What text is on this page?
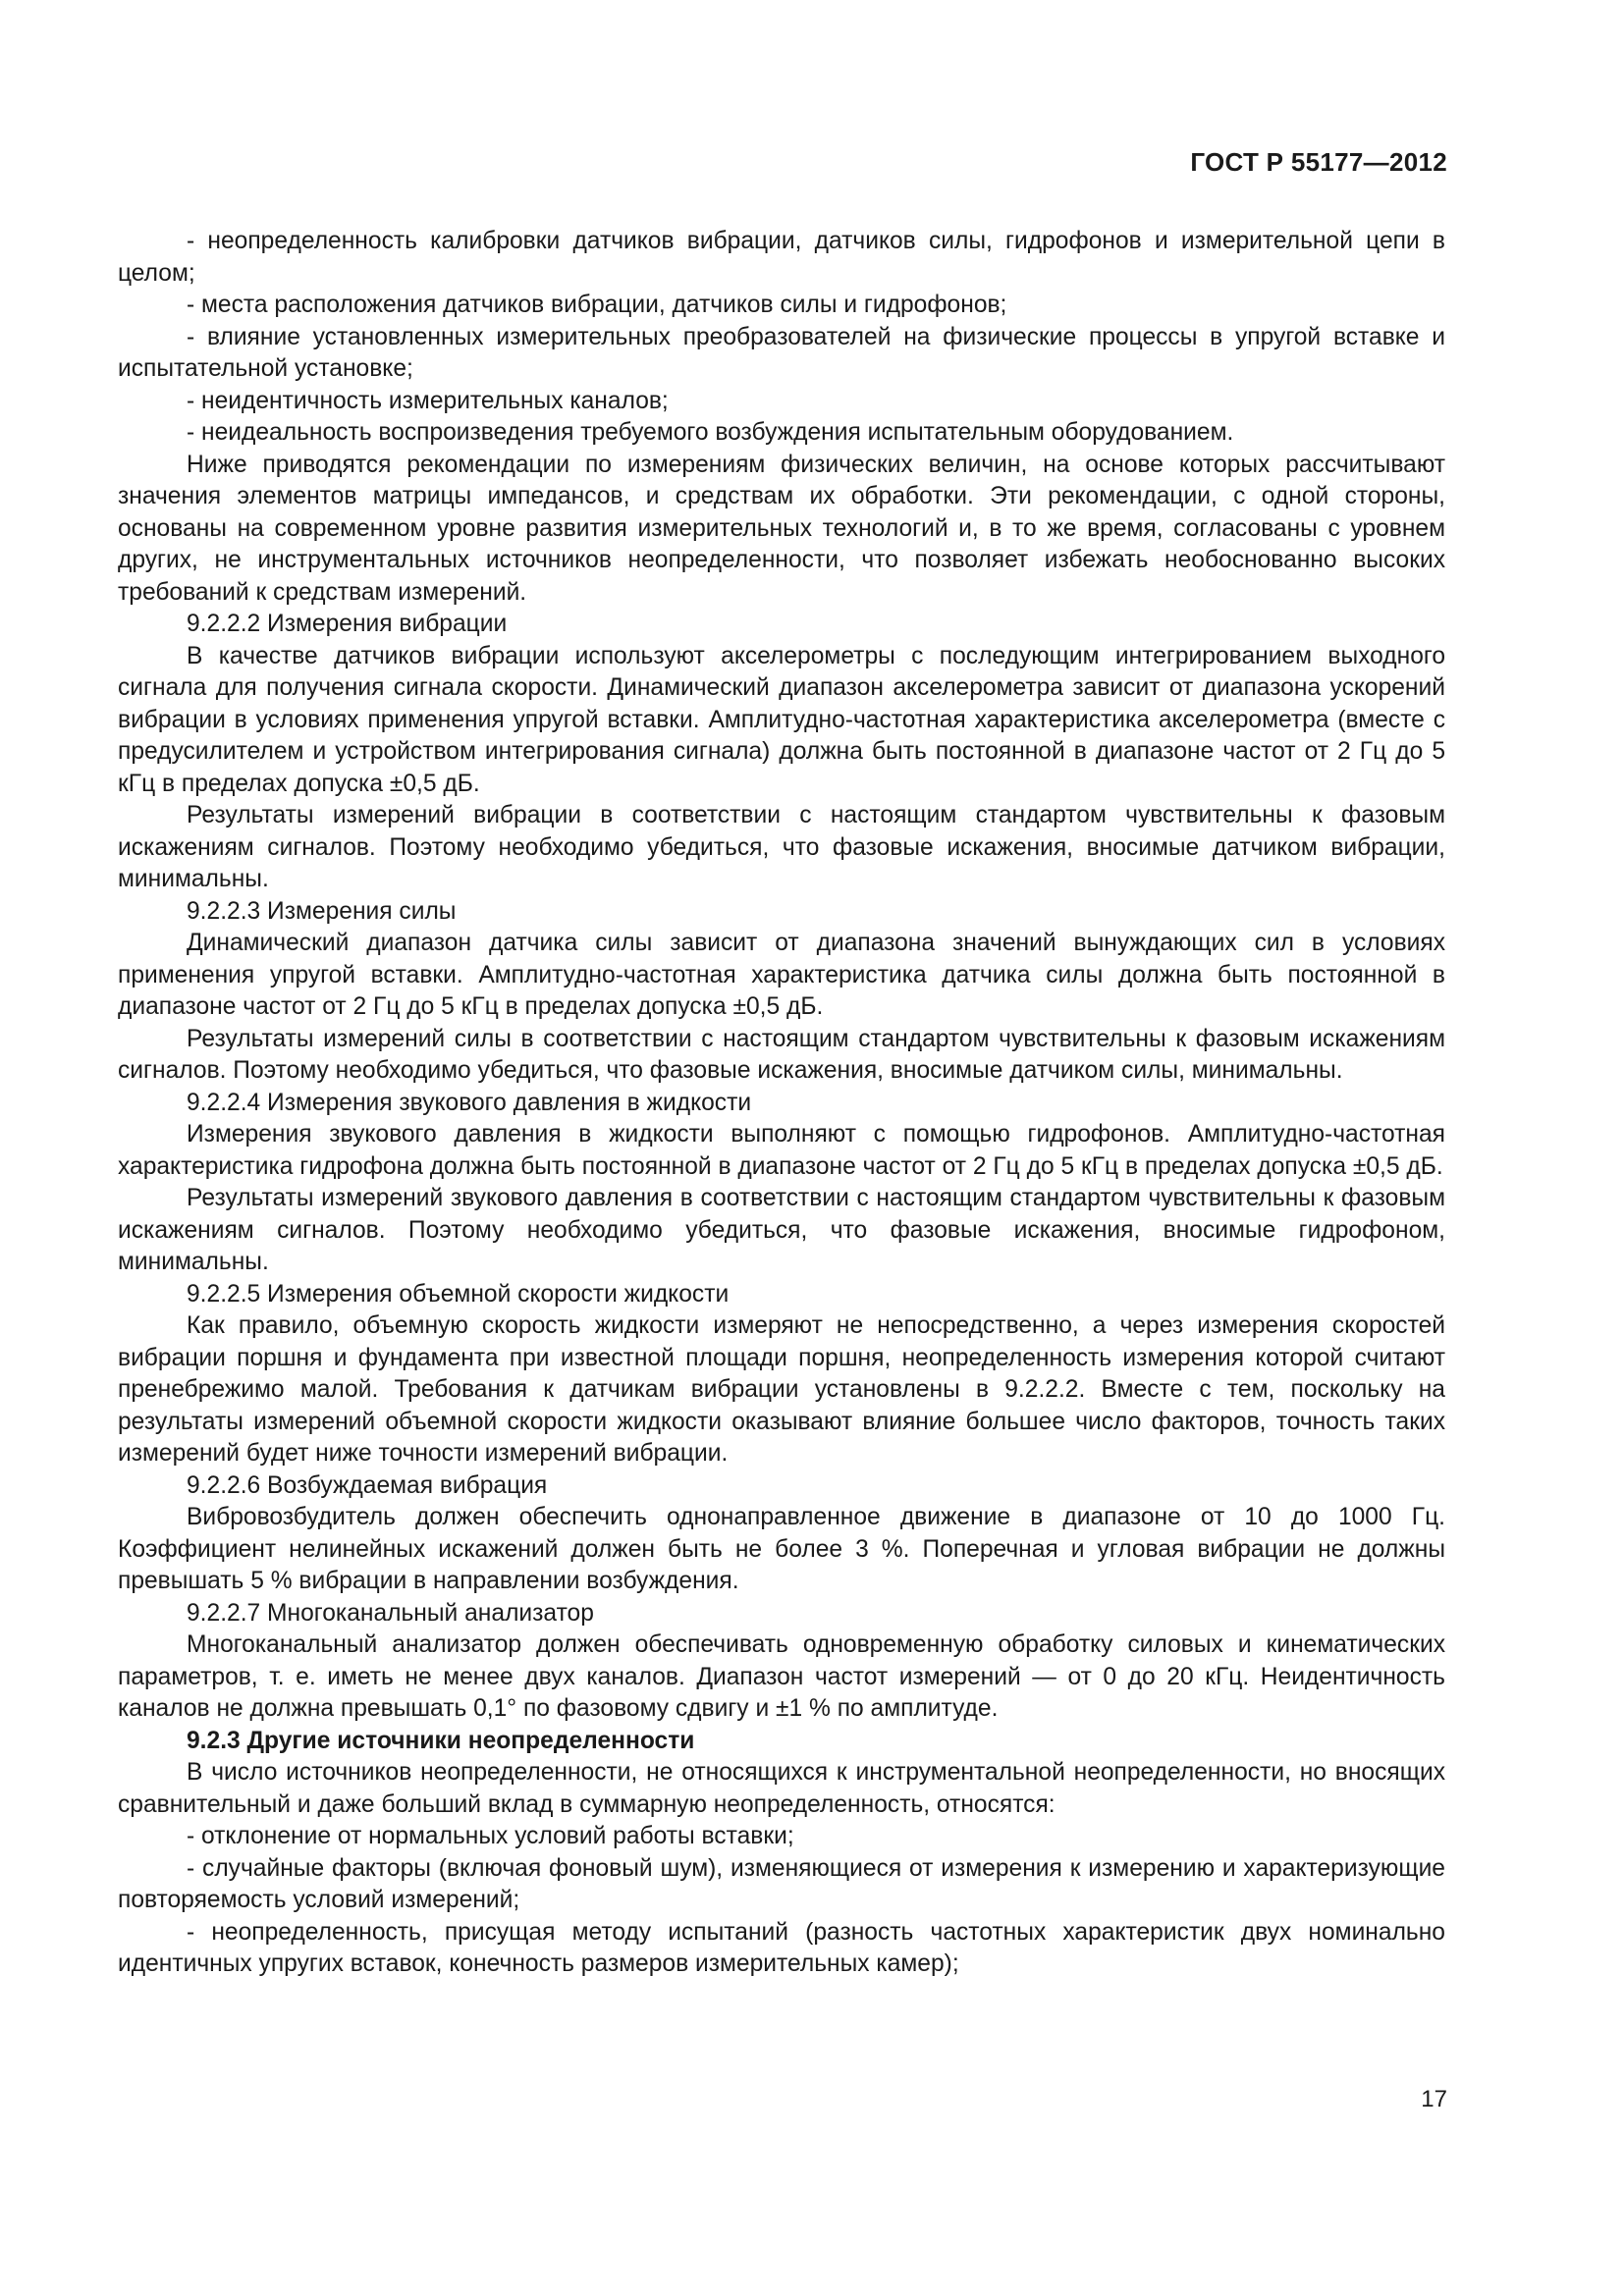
ГОСТ Р 55177—2012

- неопределенность калибровки датчиков вибрации, датчиков силы, гидрофонов и измерительной цепи в целом;

- места расположения датчиков вибрации, датчиков силы и гидрофонов;

- влияние установленных измерительных преобразователей на физические процессы в упругой вставке и испытательной установке;

- неидентичность измерительных каналов;

- неидеальность воспроизведения требуемого возбуждения испытательным оборудованием.

Ниже приводятся рекомендации по измерениям физических величин, на основе которых рассчитывают значения элементов матрицы импедансов, и средствам их обработки. Эти рекомендации, с одной стороны, основаны на современном уровне развития измерительных технологий и, в то же время, согласованы с уровнем других, не инструментальных источников неопределенности, что позволяет избежать необоснованно высоких требований к средствам измерений.

9.2.2.2 Измерения вибрации

В качестве датчиков вибрации используют акселерометры с последующим интегрированием выходного сигнала для получения сигнала скорости. Динамический диапазон акселерометра зависит от диапазона ускорений вибрации в условиях применения упругой вставки. Амплитудно-частотная характеристика акселерометра (вместе с предусилителем и устройством интегрирования сигнала) должна быть постоянной в диапазоне частот от 2 Гц до 5 кГц в пределах допуска ±0,5 дБ.

Результаты измерений вибрации в соответствии с настоящим стандартом чувствительны к фазовым искажениям сигналов. Поэтому необходимо убедиться, что фазовые искажения, вносимые датчиком вибрации, минимальны.

9.2.2.3 Измерения силы

Динамический диапазон датчика силы зависит от диапазона значений вынуждающих сил в условиях применения упругой вставки. Амплитудно-частотная характеристика датчика силы должна быть постоянной в диапазоне частот от 2 Гц до 5 кГц в пределах допуска ±0,5 дБ.

Результаты измерений силы в соответствии с настоящим стандартом чувствительны к фазовым искажениям сигналов. Поэтому необходимо убедиться, что фазовые искажения, вносимые датчиком силы, минимальны.

9.2.2.4 Измерения звукового давления в жидкости

Измерения звукового давления в жидкости выполняют с помощью гидрофонов. Амплитудно-частотная характеристика гидрофона должна быть постоянной в диапазоне частот от 2 Гц до 5 кГц в пределах допуска ±0,5 дБ.

Результаты измерений звукового давления в соответствии с настоящим стандартом чувствительны к фазовым искажениям сигналов. Поэтому необходимо убедиться, что фазовые искажения, вносимые гидрофоном, минимальны.

9.2.2.5 Измерения объемной скорости жидкости

Как правило, объемную скорость жидкости измеряют не непосредственно, а через измерения скоростей вибрации поршня и фундамента при известной площади поршня, неопределенность измерения которой считают пренебрежимо малой. Требования к датчикам вибрации установлены в 9.2.2.2. Вместе с тем, поскольку на результаты измерений объемной скорости жидкости оказывают влияние большее число факторов, точность таких измерений будет ниже точности измерений вибрации.

9.2.2.6 Возбуждаемая вибрация

Вибровозбудитель должен обеспечить однонаправленное движение в диапазоне от 10 до 1000 Гц. Коэффициент нелинейных искажений должен быть не более 3 %. Поперечная и угловая вибрации не должны превышать 5 % вибрации в направлении возбуждения.

9.2.2.7 Многоканальный анализатор

Многоканальный анализатор должен обеспечивать одновременную обработку силовых и кинематических параметров, т. е. иметь не менее двух каналов. Диапазон частот измерений — от 0 до 20 кГц. Неидентичность каналов не должна превышать 0,1° по фазовому сдвигу и ±1 % по амплитуде.

9.2.3 Другие источники неопределенности

В число источников неопределенности, не относящихся к инструментальной неопределенности, но вносящих сравнительный и даже больший вклад в суммарную неопределенность, относятся:

- отклонение от нормальных условий работы вставки;

- случайные факторы (включая фоновый шум), изменяющиеся от измерения к измерению и характеризующие повторяемость условий измерений;

- неопределенность, присущая методу испытаний (разность частотных характеристик двух номинально идентичных упругих вставок, конечность размеров измерительных камер);

17
